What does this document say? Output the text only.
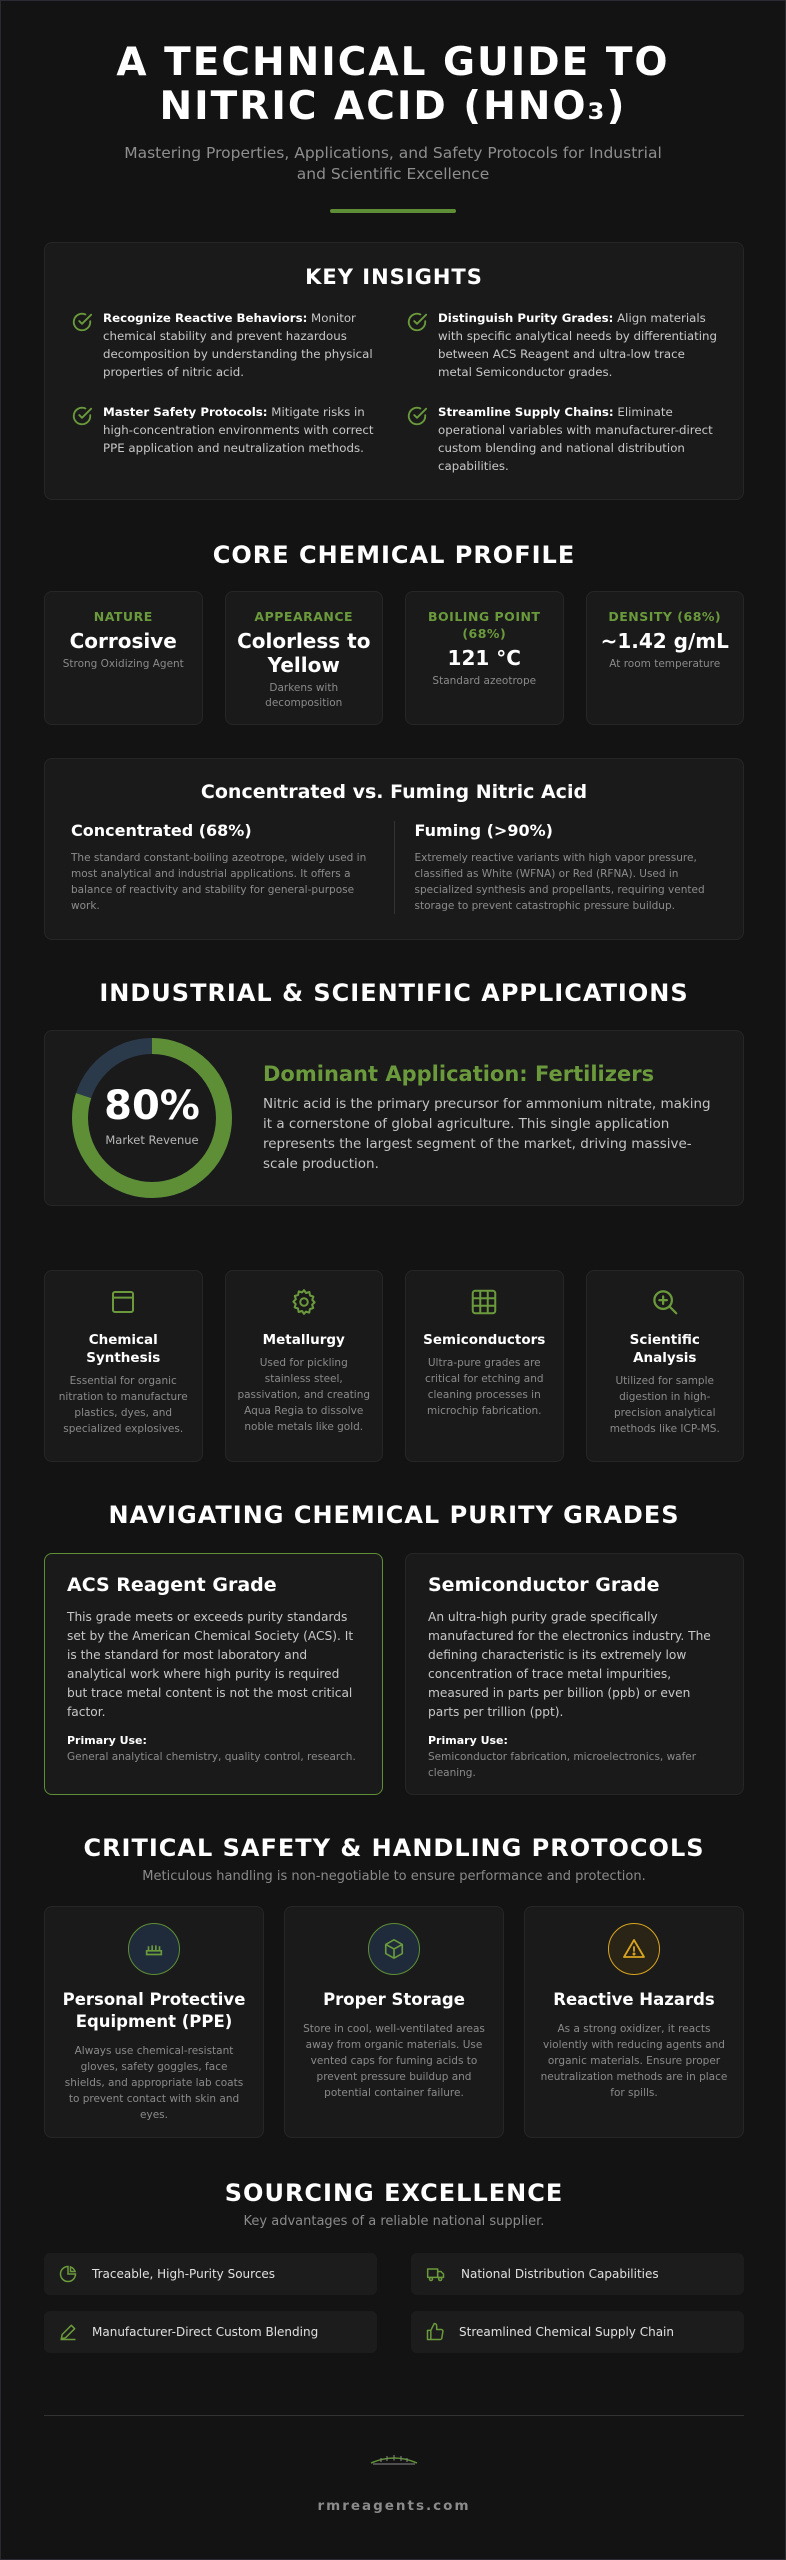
A TECHNICAL GUIDE TO
NITRIC ACID (HNO₃)

Mastering Properties, Applications, and Safety Protocols for Industrial and Scientific Excellence

KEY INSIGHTS

Recognize Reactive Behaviors: Monitor chemical stability and prevent hazardous decomposition by understanding the physical properties of nitric acid.

Distinguish Purity Grades: Align materials with specific analytical needs by differentiating between ACS Reagent and ultra-low trace metal Semiconductor grades.

Master Safety Protocols: Mitigate risks in high-concentration environments with correct PPE application and neutralization methods.

Streamline Supply Chains: Eliminate operational variables with manufacturer-direct custom blending and national distribution capabilities.

CORE CHEMICAL PROFILE
NATURE
Corrosive
Strong Oxidizing Agent
APPEARANCE
Colorless to Yellow
Darkens with decomposition
BOILING POINT (68%)
121 °C
Standard azeotrope
DENSITY (68%)
~1.42 g/mL
At room temperature
Concentrated vs. Fuming Nitric Acid
Concentrated (68%)

The standard constant-boiling azeotrope, widely used in most analytical and industrial applications. It offers a balance of reactivity and stability for general-purpose work.

Fuming (>90%)

Extremely reactive variants with high vapor pressure, classified as White (WFNA) or Red (RFNA). Used in specialized synthesis and propellants, requiring vented storage to prevent catastrophic pressure buildup.

INDUSTRIAL & SCIENTIFIC APPLICATIONS
80%
Market Revenue
Dominant Application: Fertilizers

Nitric acid is the primary precursor for ammonium nitrate, making it a cornerstone of global agriculture. This single application represents the largest segment of the market, driving massive-scale production.

Chemical Synthesis

Essential for organic nitration to manufacture plastics, dyes, and specialized explosives.

Metallurgy

Used for pickling stainless steel, passivation, and creating Aqua Regia to dissolve noble metals like gold.

Semiconductors

Ultra-pure grades are critical for etching and cleaning processes in microchip fabrication.

Scientific Analysis

Utilized for sample digestion in high-precision analytical methods like ICP-MS.

NAVIGATING CHEMICAL PURITY GRADES
ACS Reagent Grade

This grade meets or exceeds purity standards set by the American Chemical Society (ACS). It is the standard for most laboratory and analytical work where high purity is required but trace metal content is not the most critical factor.

Primary Use:
General analytical chemistry, quality control, research.
Semiconductor Grade

An ultra-high purity grade specifically manufactured for the electronics industry. The defining characteristic is its extremely low concentration of trace metal impurities, measured in parts per billion (ppb) or even parts per trillion (ppt).

Primary Use:
Semiconductor fabrication, microelectronics, wafer cleaning.
CRITICAL SAFETY & HANDLING PROTOCOLS

Meticulous handling is non-negotiable to ensure performance and protection.

Personal Protective Equipment (PPE)

Always use chemical-resistant gloves, safety goggles, face shields, and appropriate lab coats to prevent contact with skin and eyes.

Proper Storage

Store in cool, well-ventilated areas away from organic materials. Use vented caps for fuming acids to prevent pressure buildup and potential container failure.

Reactive Hazards

As a strong oxidizer, it reacts violently with reducing agents and organic materials. Ensure proper neutralization methods are in place for spills.

SOURCING EXCELLENCE

Key advantages of a reliable national supplier.

Traceable, High-Purity Sources	National Distribution Capabilities
Manufacturer-Direct Custom Blending	Streamlined Chemical Supply Chain
rmreagents.com
